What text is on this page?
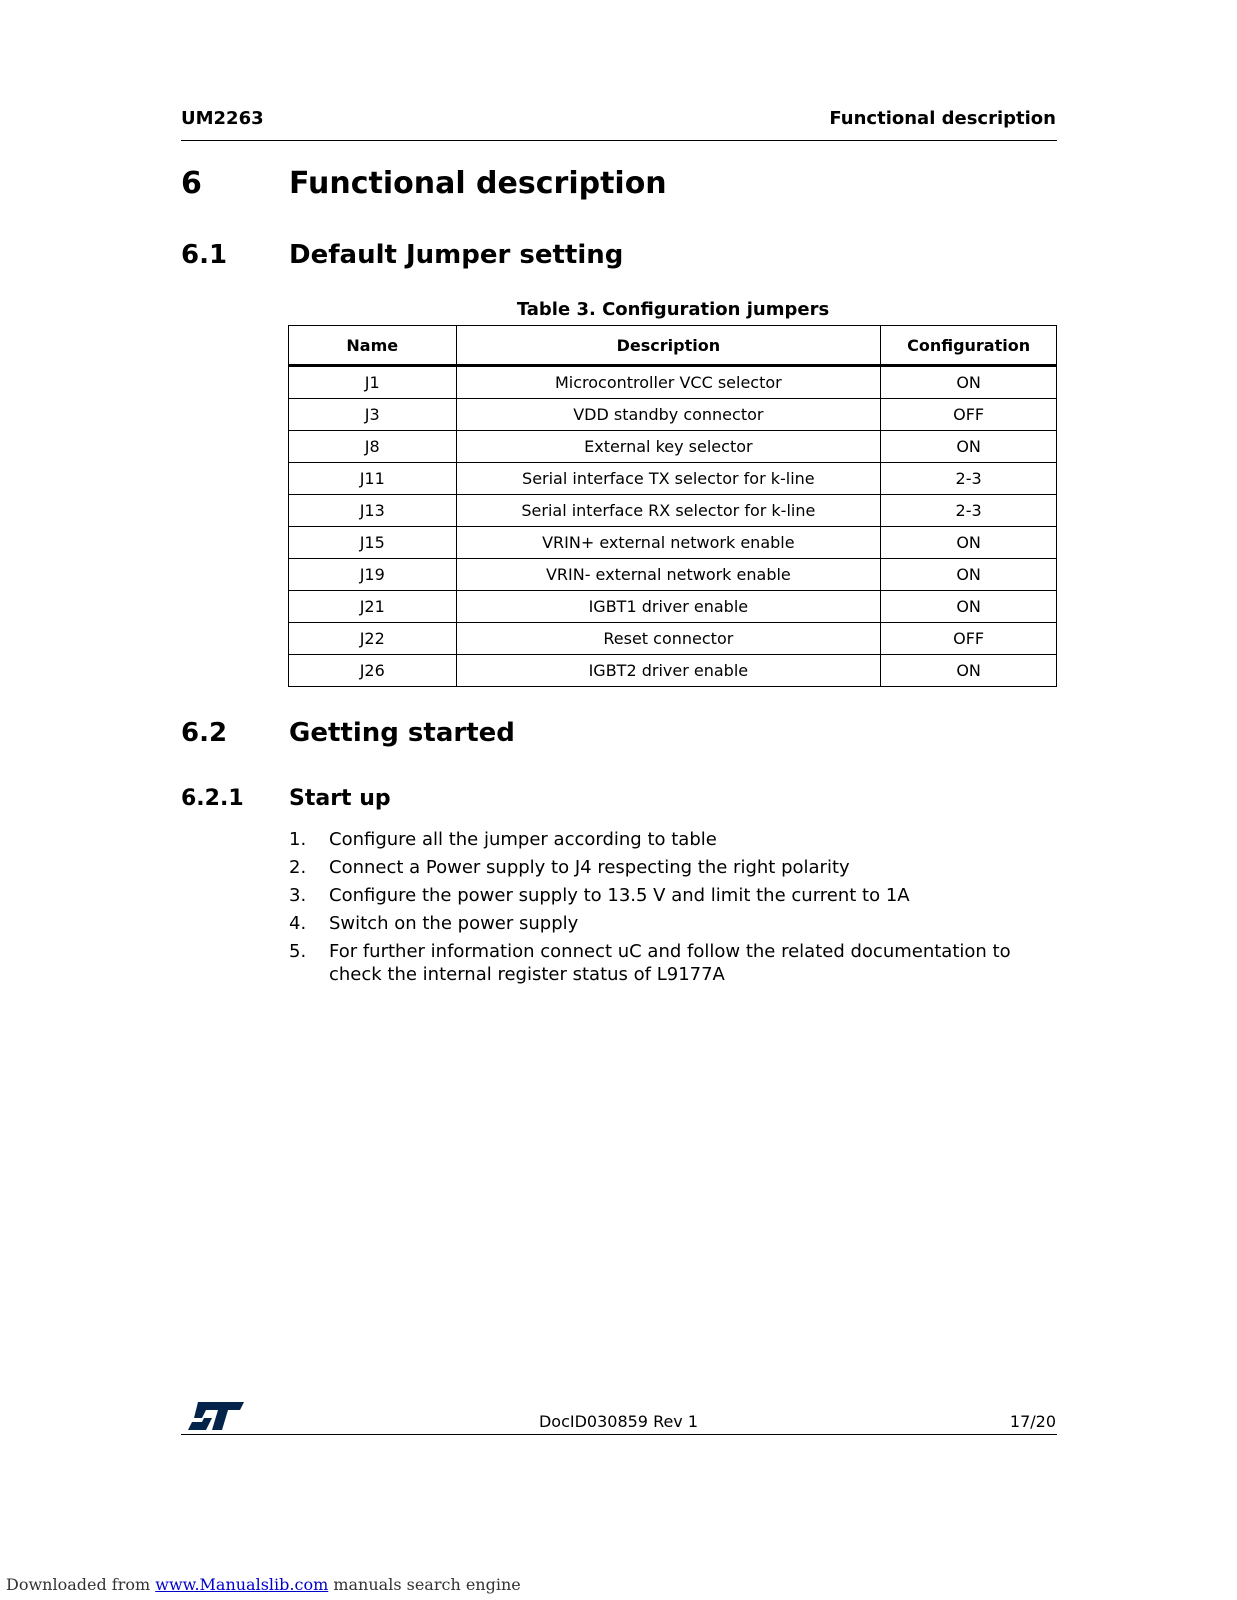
UM2263	Functional description
6	Functional description
6.1 Default Jumper setting
Table 3. Configuration jumpers
Name	Description	Configuration
J1	Microcontroller VCC selector	ON
J3	VDD standby connector	OFF
J8	External key selector	ON
J11	Serial interface TX selector for k-line	2-3
J13	Serial interface RX selector for k-line	2-3
J15	VRIN+ external network enable	ON
J19	VRIN- external network enable	ON
J21	IGBT1 driver enable	ON
J22	Reset connector	OFF
J26	IGBT2 driver enable	ON
6.2 Getting started
6.2.1 Start up
1. Configure all the jumper according to table
2. Connect a Power supply to J4 respecting the right polarity
3. Configure the power supply to 13.5 V and limit the current to 1A
4. Switch on the power supply
5. For further information connect uC and follow the related documentation to check the internal register status of L9177A
DocID030859 Rev 1	17/20
Downloaded from www.Manualslib.com manuals search engine
